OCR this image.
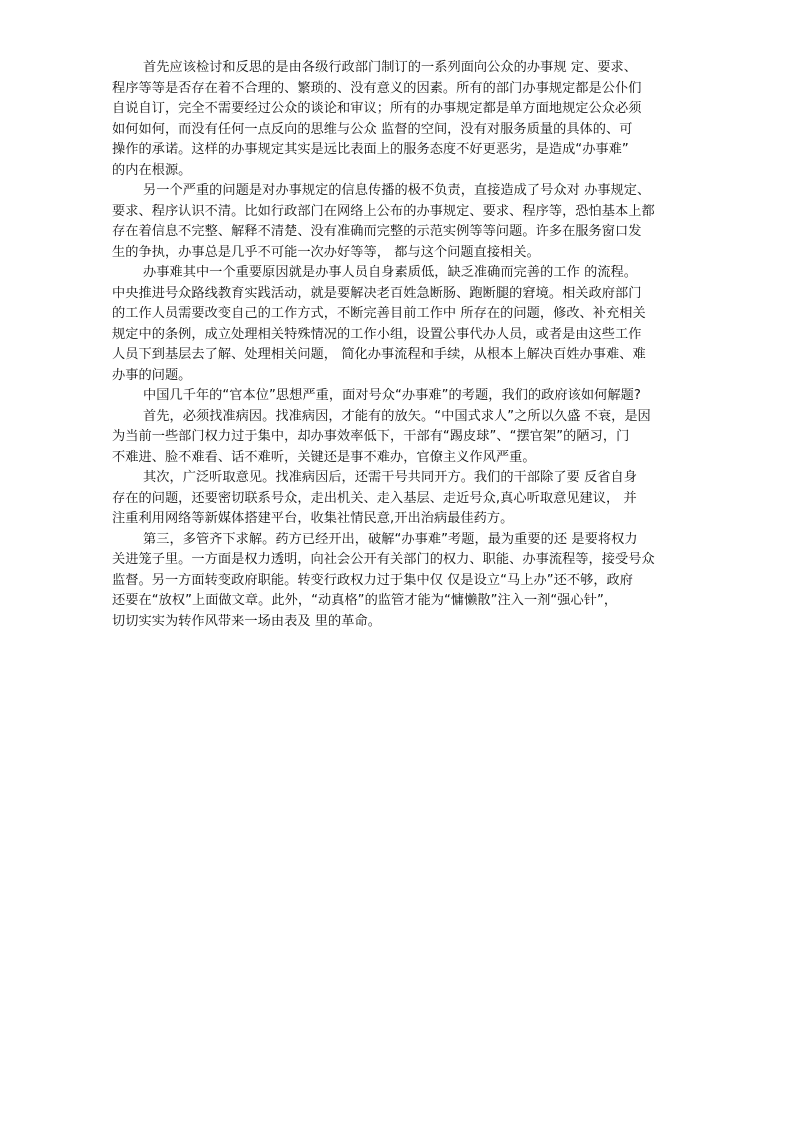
首先应该检讨和反思的是由各级行政部门制订的一系列面向公众的办事规 定、要求、
程序等等是否存在着不合理的、繁琐的、没有意义的因素。所有的部门办事规定都是公仆们
自说自订，完全不需要经过公众的谈论和审议；所有的办事规定都是单方面地规定公众必须
如何如何，而没有任何一点反向的思维与公众 监督的空间，没有对服务质量的具体的、可
操作的承诺。这样的办事规定其实是远比表面上的服务态度不好更恶劣，是造成“办事难”
的内在根源。
另一个严重的问题是对办事规定的信息传播的极不负责，直接造成了号众对 办事规定、
要求、程序认识不清。比如行政部门在网络上公布的办事规定、要求、程序等，恐怕基本上都
存在着信息不完整、解释不清楚、没有准确而完整的示范实例等等问题。许多在服务窗口发
生的争执，办事总是几乎不可能一次办好等等， 都与这个问题直接相关。
办事难其中一个重要原因就是办事人员自身素质低，缺乏准确而完善的工作 的流程。
中央推进号众路线教育实践活动，就是要解决老百姓急断肠、跑断腿的窘境。相关政府部门
的工作人员需要改变自己的工作方式，不断完善目前工作中 所存在的问题，修改、补充相关
规定中的条例，成立处理相关特殊情况的工作小组，设置公事代办人员，或者是由这些工作
人员下到基层去了解、处理相关问题， 简化办事流程和手续，从根本上解决百姓办事难、难
办事的问题。
中国几千年的“官本位”思想严重，面对号众“办事难”的考题，我们的政府该如何解题?
首先，必须找准病因。找准病因，才能有的放矢。“中国式求人”之所以久盛 不衰，是因
为当前一些部门权力过于集中，却办事效率低下，干部有“踢皮球”、“摆官架”的陋习，门
不难进、脸不难看、话不难听，关键还是事不难办，官僚主义作风严重。
其次，广泛听取意见。找准病因后，还需干号共同开方。我们的干部除了要 反省自身
存在的问题，还要密切联系号众，走出机关、走入基层、走近号众,真心听取意见建议， 并
注重利用网络等新媒体搭建平台，收集社情民意,开出治病最佳药方。
第三，多管齐下求解。药方已经开出，破解“办事难”考题，最为重要的还 是要将权力
关进笼子里。一方面是权力透明，向社会公开有关部门的权力、职能、办事流程等，接受号众
监督。另一方面转变政府职能。转变行政权力过于集中仅 仅是设立“马上办”还不够，政府
还要在“放权”上面做文章。此外，“动真格”的监管才能为“慵懒散”注入一剂“强心针”，
切切实实为转作风带来一场由表及 里的革命。
